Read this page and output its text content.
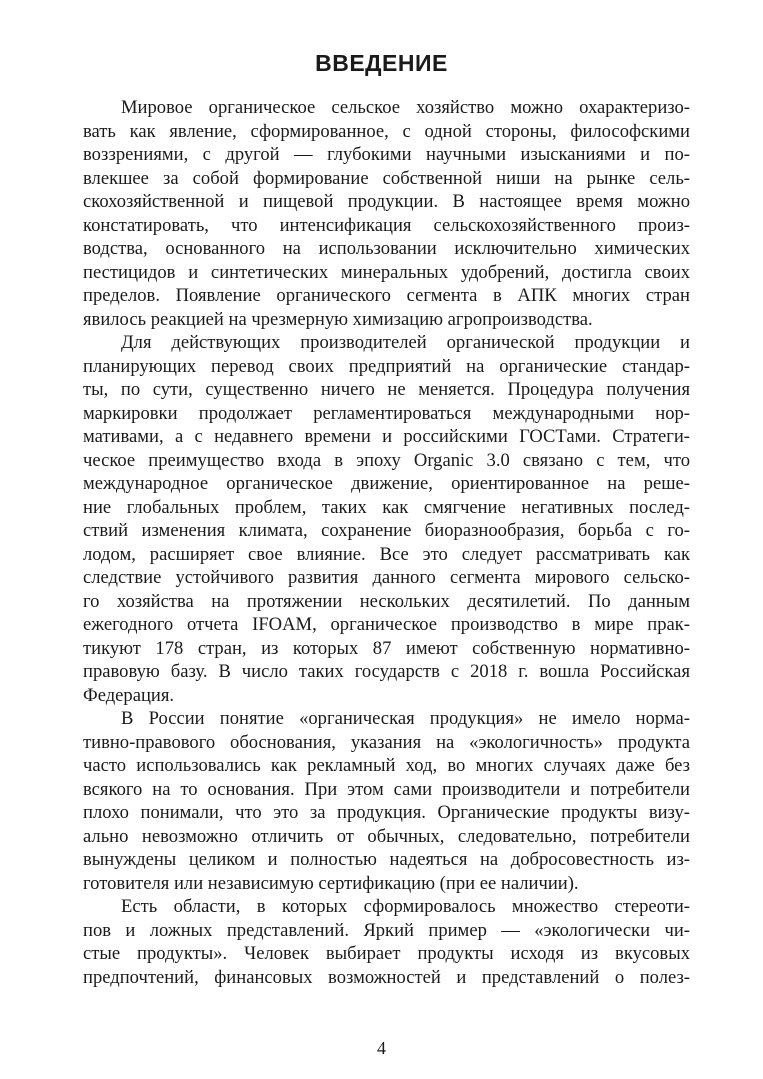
ВВЕДЕНИЕ
Мировое органическое сельское хозяйство можно охарактеризо-
вать как явление, сформированное, с одной стороны, философскими
воззрениями, с другой — глубокими научными изысканиями и по-
влекшее за собой формирование собственной ниши на рынке сель-
скохозяйственной и пищевой продукции. В настоящее время можно
констатировать, что интенсификация сельскохозяйственного произ-
водства, основанного на использовании исключительно химических
пестицидов и синтетических минеральных удобрений, достигла своих
пределов. Появление органического сегмента в АПК многих стран
явилось реакцией на чрезмерную химизацию агропроизводства.
Для действующих производителей органической продукции и
планирующих перевод своих предприятий на органические стандар-
ты, по сути, существенно ничего не меняется. Процедура получения
маркировки продолжает регламентироваться международными нор-
мативами, а с недавнего времени и российскими ГОСТами. Стратеги-
ческое преимущество входа в эпоху Organic 3.0 связано с тем, что
международное органическое движение, ориентированное на реше-
ние глобальных проблем, таких как смягчение негативных послед-
ствий изменения климата, сохранение биоразнообразия, борьба с го-
лодом, расширяет свое влияние. Все это следует рассматривать как
следствие устойчивого развития данного сегмента мирового сельско-
го хозяйства на протяжении нескольких десятилетий. По данным
ежегодного отчета IFOAM, органическое производство в мире прак-
тикуют 178 стран, из которых 87 имеют собственную нормативно-
правовую базу. В число таких государств с 2018 г. вошла Российская
Федерация.
В России понятие «органическая продукция» не имело норма-
тивно-правового обоснования, указания на «экологичность» продукта
часто использовались как рекламный ход, во многих случаях даже без
всякого на то основания. При этом сами производители и потребители
плохо понимали, что это за продукция. Органические продукты визу-
ально невозможно отличить от обычных, следовательно, потребители
вынуждены целиком и полностью надеяться на добросовестность из-
готовителя или независимую сертификацию (при ее наличии).
Есть области, в которых сформировалось множество стереоти-
пов и ложных представлений. Яркий пример — «экологически чи-
стые продукты». Человек выбирает продукты исходя из вкусовых
предпочтений, финансовых возможностей и представлений о полез-
4
